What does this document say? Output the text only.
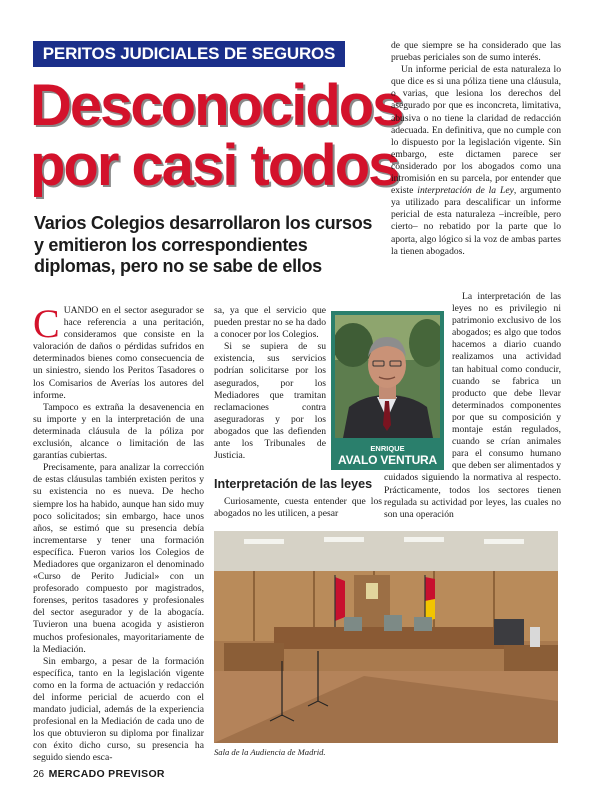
PERITOS JUDICIALES DE SEGUROS
Desconocidos
por casi todos
Varios Colegios desarrollaron los cursos y emitieron los correspondientes diplomas, pero no se sabe de ellos

CUANDO en el sector asegurador se hace referencia a una peritación, consideramos que consiste en la valoración de daños o pérdidas sufridos en determinados bienes como consecuencia de un siniestro, siendo los Peritos Tasadores o los Comisarios de Averías los autores del informe.

Tampoco es extraña la desavenencia en su importe y en la interpretación de una determinada cláusula de la póliza por exclusión, alcance o limitación de las garantías cubiertas.

Precisamente, para analizar la corrección de estas cláusulas también existen peritos y su existencia no es nueva. De hecho siempre los ha habido, aunque han sido muy poco solicitados; sin embargo, hace unos años, se estimó que su presencia debía incrementarse y tener una formación específica. Fueron varios los Colegios de Mediadores que organizaron el denominado «Curso de Perito Judicial» con un profesorado compuesto por magistrados, forenses, peritos tasadores y profesionales del sector asegurador y de la abogacía. Tuvieron una buena acogida y asistieron muchos profesionales, mayoritariamente de la Mediación.

Sin embargo, a pesar de la formación específica, tanto en la legislación vigente como en la forma de actuación y redacción del informe pericial de acuerdo con el mandato judicial, además de la experiencia profesional en la Mediación de cada uno de los que obtuvieron su diploma por finalizar con éxito dicho curso, su presencia ha seguido siendo esca-

sa, ya que el servicio que pueden prestar no se ha dado a conocer por los Colegios.

Si se supiera de su existencia, sus servicios podrían solicitarse por los asegurados, por los Mediadores que tramitan reclamaciones contra aseguradoras y por los abogados que las defienden ante los Tribunales de Justicia.

ENRIQUE
AVALO VENTURA
Interpretación de las leyes

Curiosamente, cuesta entender que los abogados no les utilicen, a pesar

de que siempre se ha considerado que las pruebas periciales son de sumo interés.

Un informe pericial de esta naturaleza lo que dice es si una póliza tiene una cláusula, o varias, que lesiona los derechos del asegurado por que es inconcreta, limitativa, abusiva o no tiene la claridad de redacción adecuada. En definitiva, que no cumple con lo dispuesto por la legislación vigente. Sin embargo, este dictamen parece ser considerado por los abogados como una intromisión en su parcela, por entender que existe interpretación de la Ley, argumento ya utilizado para descalificar un informe pericial de esta naturaleza –increíble, pero cierto– no rebatido por la parte que lo aporta, algo lógico si la voz de ambas partes la tienen abogados.

La interpretación de las leyes no es privilegio ni patrimonio exclusivo de los abogados; es algo que todos hacemos a diario cuando realizamos una actividad tan habitual como conducir, cuando se fabrica un producto que debe llevar determinados componentes por que su composición y montaje están regulados, cuando se crían animales para el consumo humano que deben ser alimentados y cuidados siguiendo la normativa al respecto. Prácticamente, todos los sectores tienen regulada su actividad por leyes, las cuales no son una operación

Sala de la Audiencia de Madrid.
26 MERCADO PREVISOR
